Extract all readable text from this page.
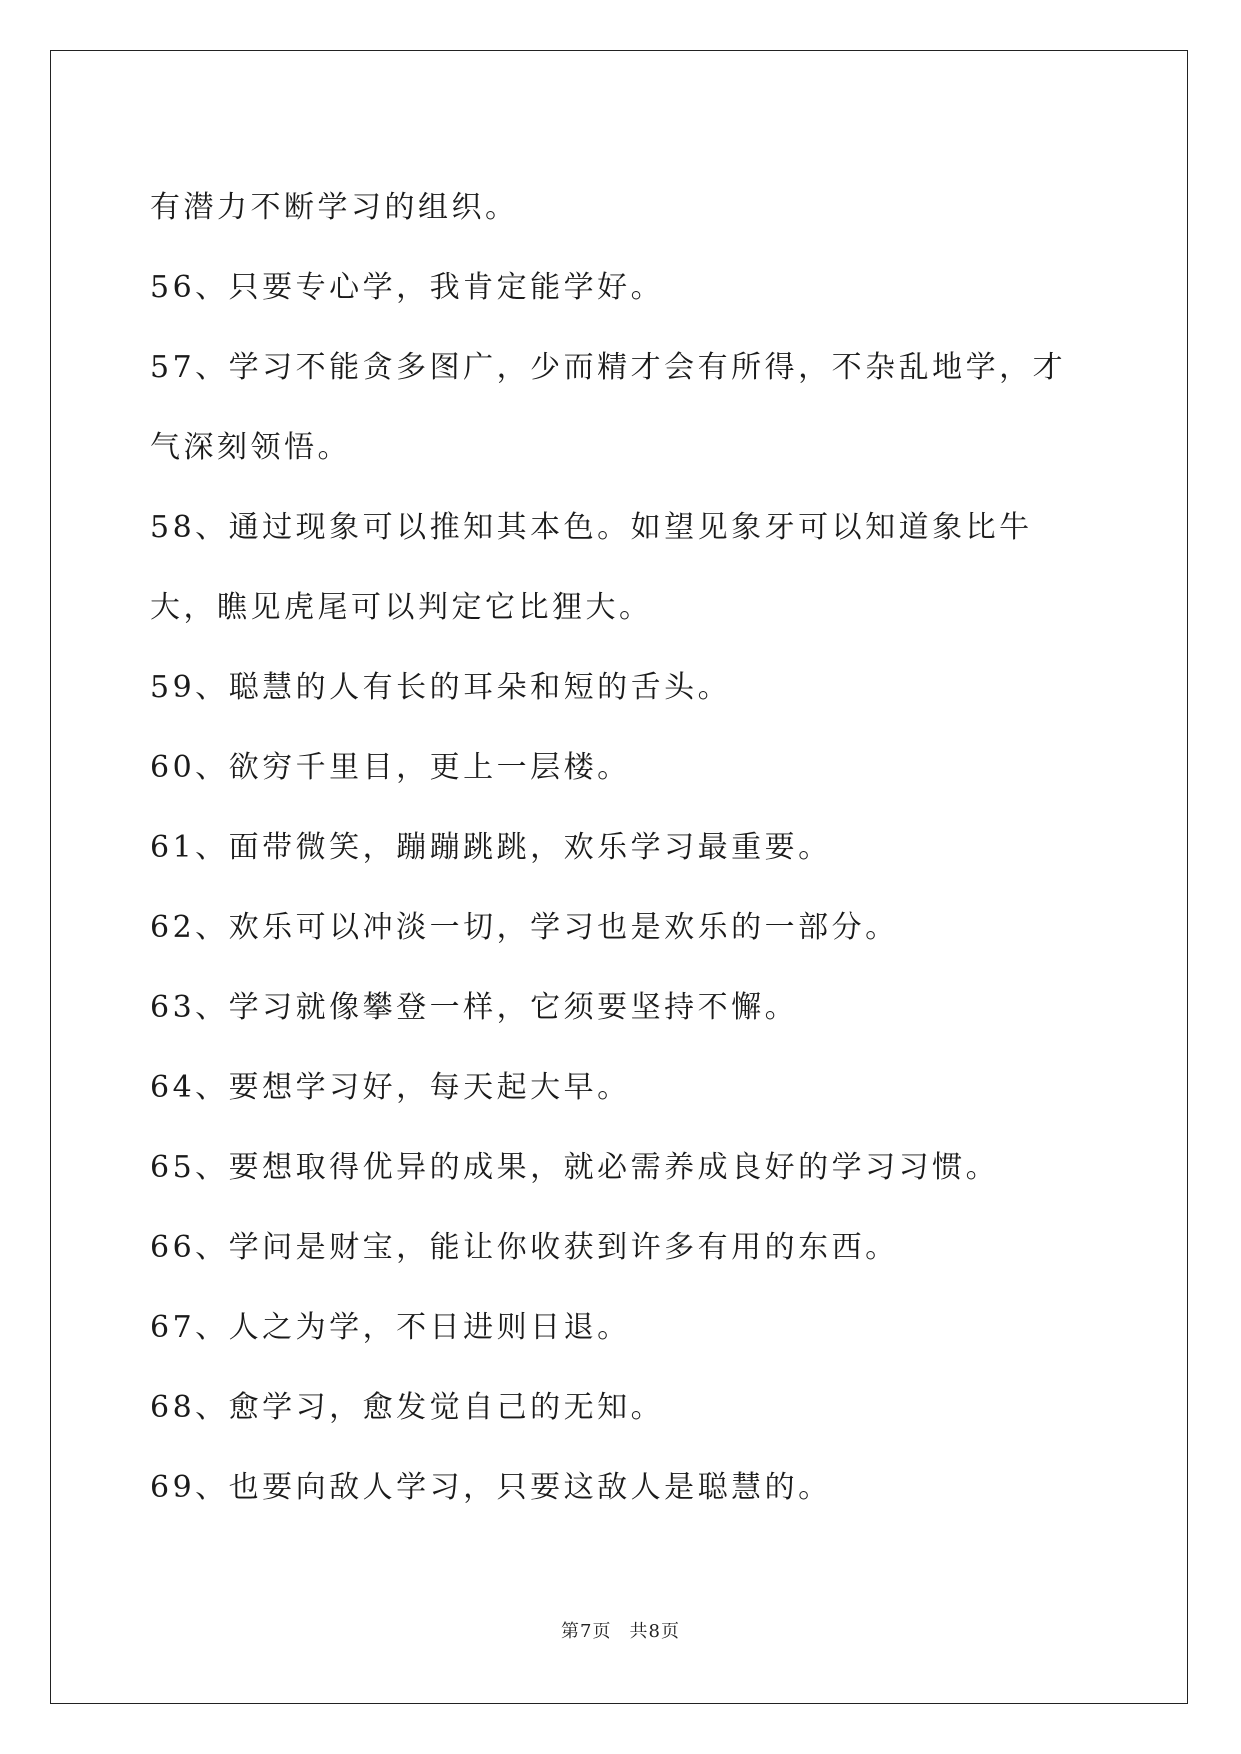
有潜力不断学习的组织。

56、只要专心学，我肯定能学好。

57、学习不能贪多图广，少而精才会有所得，不杂乱地学，才气深刻领悟。

58、通过现象可以推知其本色。如望见象牙可以知道象比牛大，瞧见虎尾可以判定它比狸大。

59、聪慧的人有长的耳朵和短的舌头。

60、欲穷千里目，更上一层楼。

61、面带微笑，蹦蹦跳跳，欢乐学习最重要。

62、欢乐可以冲淡一切，学习也是欢乐的一部分。

63、学习就像攀登一样，它须要坚持不懈。

64、要想学习好，每天起大早。

65、要想取得优异的成果，就必需养成良好的学习习惯。

66、学问是财宝，能让你收获到许多有用的东西。

67、人之为学，不日进则日退。

68、愈学习，愈发觉自己的无知。

69、也要向敌人学习，只要这敌人是聪慧的。

第7页 共8页
